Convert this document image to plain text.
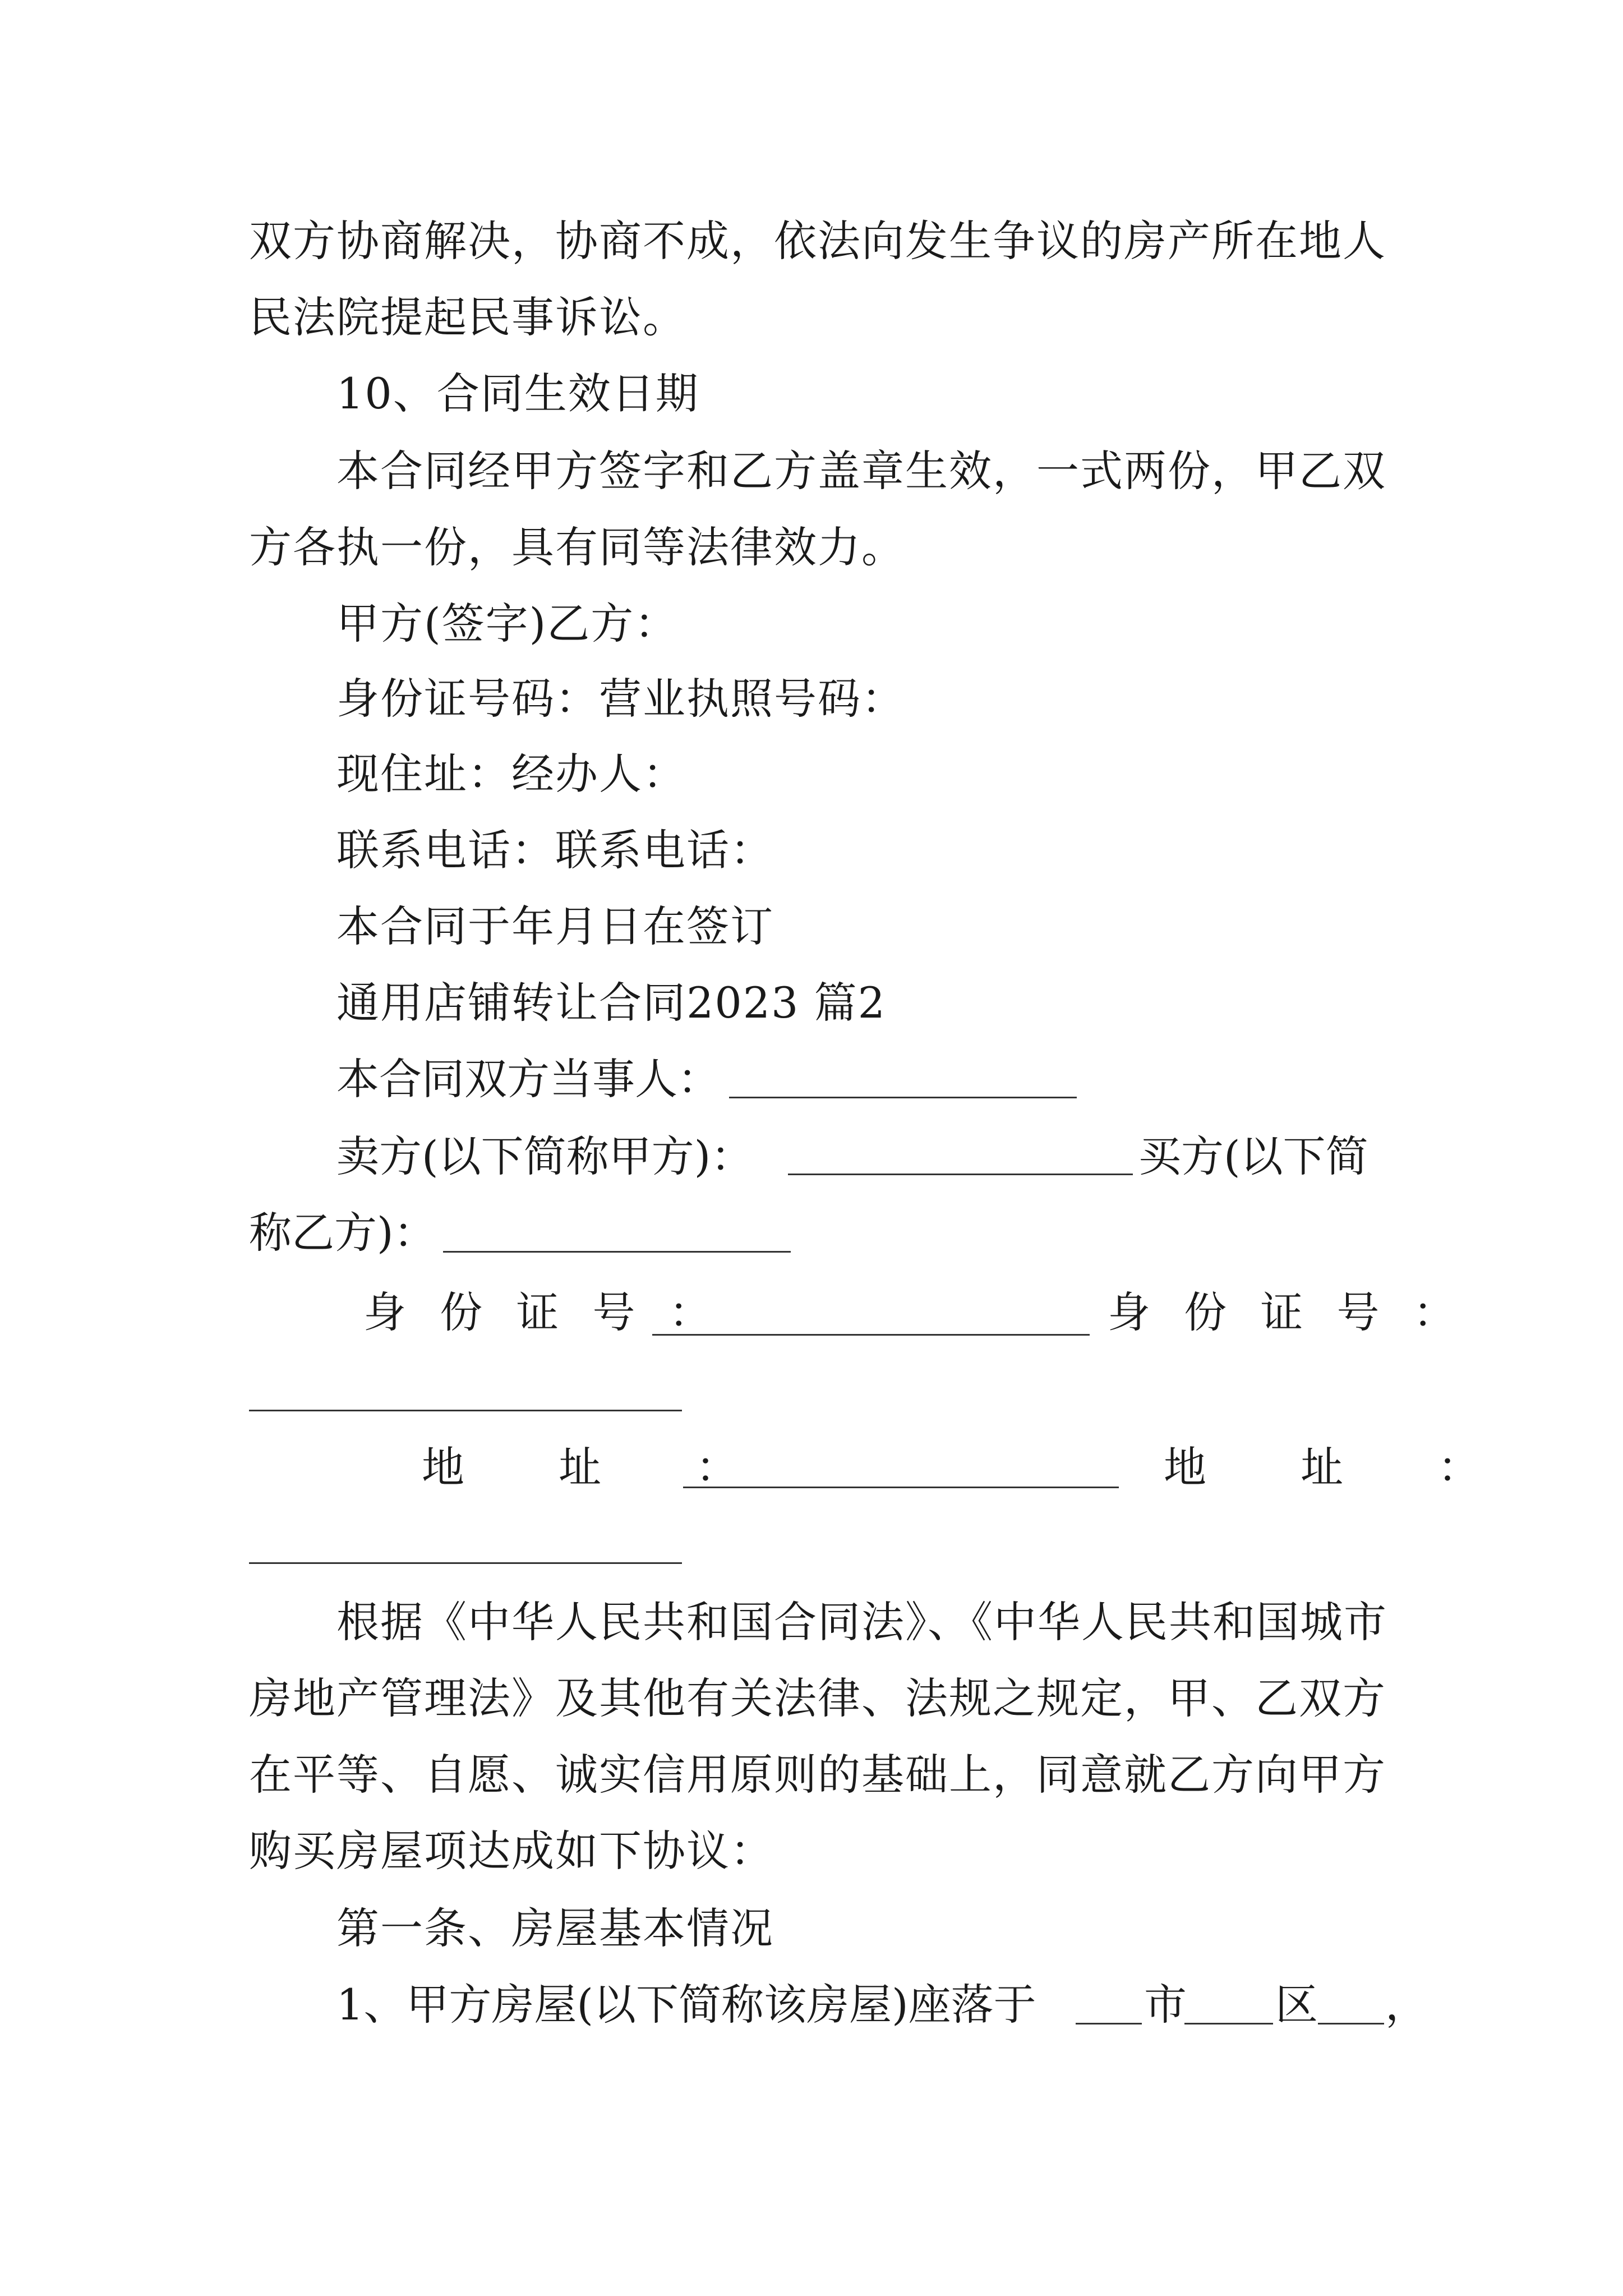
双方协商解决，协商不成，依法向发生争议的房产所在地人
民法院提起民事诉讼。
10、合同生效日期
本合同经甲方签字和乙方盖章生效，一式两份，甲乙双
方各执一份，具有同等法律效力。
甲方(签字)乙方：
身份证号码：营业执照号码：
现住址：经办人：
联系电话：联系电话：
本合同于年月日在签订
通用店铺转让合同2023 篇2
本合同双方当事人：
卖方(以下简称甲方)：	买方(以下简
称乙方)：
身 份 证 号 ：	身 份 证 号 ：
地 址 ：	地 址 ：
根据《中华人民共和国合同法》、《中华人民共和国城市
房地产管理法》及其他有关法律、法规之规定，甲、乙双方
在平等、自愿、诚实信用原则的基础上，同意就乙方向甲方
购买房屋项达成如下协议：
第一条、房屋基本情况
1、甲方房屋(以下简称该房屋)座落于	市 区 ，
